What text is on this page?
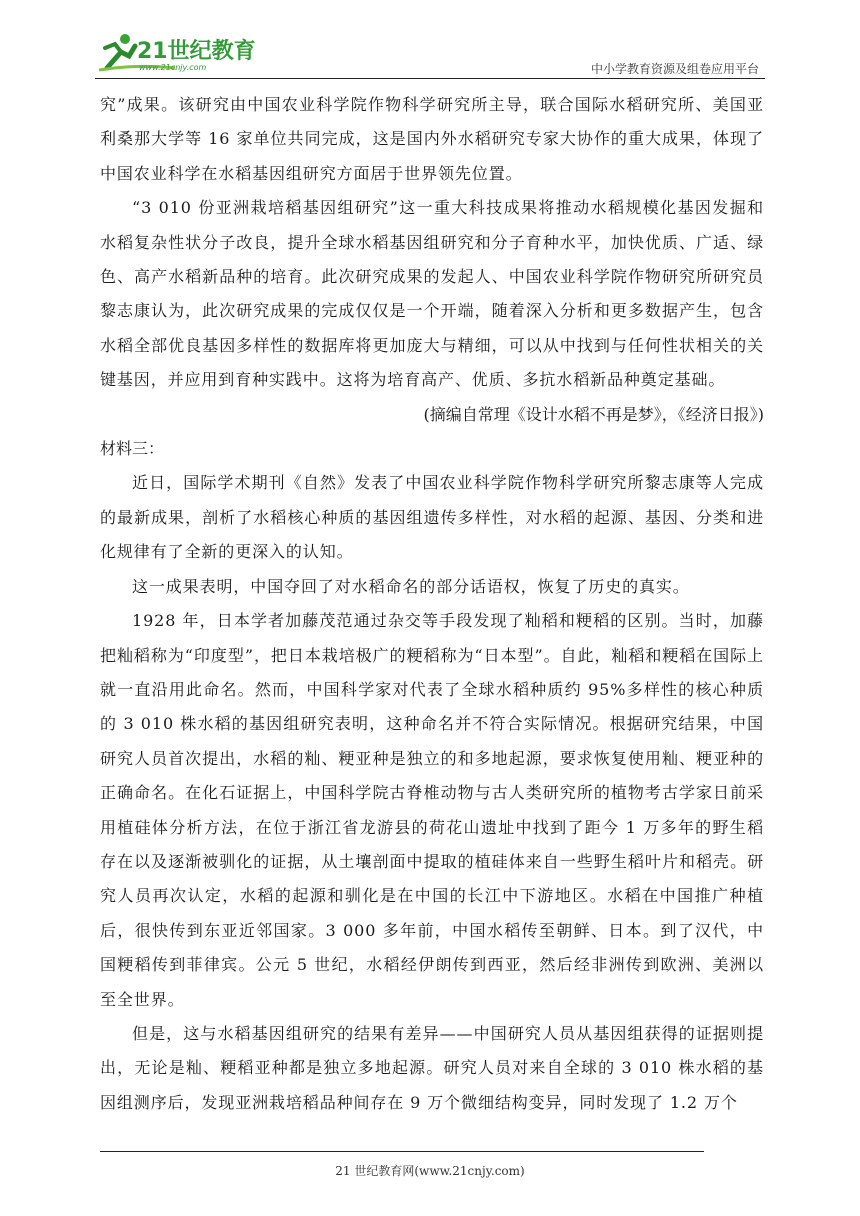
21世纪教育
www.21cnjy.com	中小学教育资源及组卷应用平台

究”成果。该研究由中国农业科学院作物科学研究所主导，联合国际水稻研究所、美国亚利桑那大学等 16 家单位共同完成，这是国内外水稻研究专家大协作的重大成果，体现了中国农业科学在水稻基因组研究方面居于世界领先位置。

“3 010 份亚洲栽培稻基因组研究”这一重大科技成果将推动水稻规模化基因发掘和水稻复杂性状分子改良，提升全球水稻基因组研究和分子育种水平，加快优质、广适、绿色、高产水稻新品种的培育。此次研究成果的发起人、中国农业科学院作物研究所研究员黎志康认为，此次研究成果的完成仅仅是一个开端，随着深入分析和更多数据产生，包含水稻全部优良基因多样性的数据库将更加庞大与精细，可以从中找到与任何性状相关的关键基因，并应用到育种实践中。这将为培育高产、优质、多抗水稻新品种奠定基础。

(摘编自常理《设计水稻不再是梦》，《经济日报》)

材料三：

近日，国际学术期刊《自然》发表了中国农业科学院作物科学研究所黎志康等人完成的最新成果，剖析了水稻核心种质的基因组遗传多样性，对水稻的起源、基因、分类和进化规律有了全新的更深入的认知。

这一成果表明，中国夺回了对水稻命名的部分话语权，恢复了历史的真实。

1928 年，日本学者加藤茂范通过杂交等手段发现了籼稻和粳稻的区别。当时，加藤把籼稻称为“印度型”，把日本栽培极广的粳稻称为“日本型”。自此，籼稻和粳稻在国际上就一直沿用此命名。然而，中国科学家对代表了全球水稻种质约 95%多样性的核心种质的 3 010 株水稻的基因组研究表明，这种命名并不符合实际情况。根据研究结果，中国研究人员首次提出，水稻的籼、粳亚种是独立的和多地起源，要求恢复使用籼、粳亚种的正确命名。在化石证据上，中国科学院古脊椎动物与古人类研究所的植物考古学家日前采用植硅体分析方法，在位于浙江省龙游县的荷花山遗址中找到了距今 1 万多年的野生稻存在以及逐渐被驯化的证据，从土壤剖面中提取的植硅体来自一些野生稻叶片和稻壳。研究人员再次认定，水稻的起源和驯化是在中国的长江中下游地区。水稻在中国推广种植后，很快传到东亚近邻国家。3 000 多年前，中国水稻传至朝鲜、日本。到了汉代，中国粳稻传到菲律宾。公元 5 世纪，水稻经伊朗传到西亚，然后经非洲传到欧洲、美洲以至全世界。

但是，这与水稻基因组研究的结果有差异——中国研究人员从基因组获得的证据则提出，无论是籼、粳稻亚种都是独立多地起源。研究人员对来自全球的 3 010 株水稻的基因组测序后，发现亚洲栽培稻品种间存在 9 万个微细结构变异，同时发现了 1.2 万个

21 世纪教育网(www.21cnjy.com)
